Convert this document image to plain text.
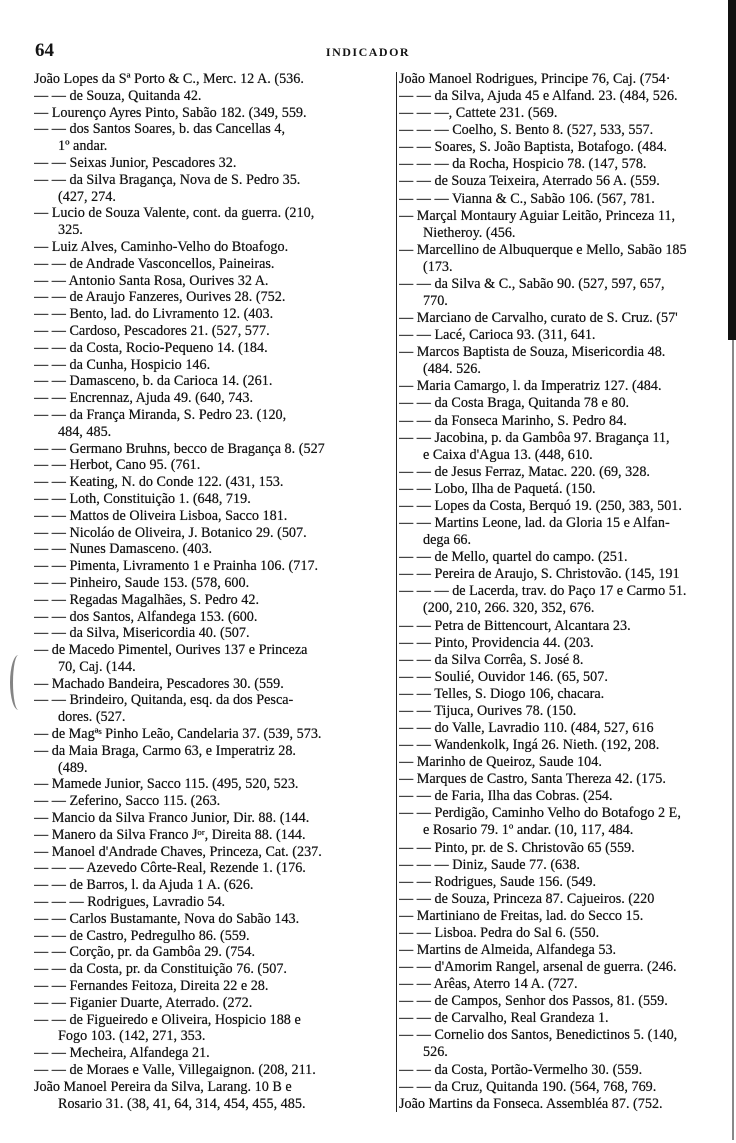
64	INDICADOR
João Lopes da Sª Porto & C., Merc. 12 A. (536.
— — de Souza, Quitanda 42.
— Lourenço Ayres Pinto, Sabão 182. (349, 559.
— — dos Santos Soares, b. das Cancellas 4,
1º andar.
— — Seixas Junior, Pescadores 32.
— — da Silva Bragança, Nova de S. Pedro 35.
(427, 274.
— Lucio de Souza Valente, cont. da guerra. (210,
325.
— Luiz Alves, Caminho-Velho do Btoafogo.
— — de Andrade Vasconcellos, Paineiras.
— — Antonio Santa Rosa, Ourives 32 A.
— — de Araujo Fanzeres, Ourives 28. (752.
— — Bento, lad. do Livramento 12. (403.
— — Cardoso, Pescadores 21. (527, 577.
— — da Costa, Rocio-Pequeno 14. (184.
— — da Cunha, Hospicio 146.
— — Damasceno, b. da Carioca 14. (261.
— — Encrennaz, Ajuda 49. (640, 743.
— — da França Miranda, S. Pedro 23. (120,
484, 485.
— — Germano Bruhns, becco de Bragança 8. (527
— — Herbot, Cano 95. (761.
— — Keating, N. do Conde 122. (431, 153.
— — Loth, Constituição 1. (648, 719.
— — Mattos de Oliveira Lisboa, Sacco 181.
— — Nicoláo de Oliveira, J. Botanico 29. (507.
— — Nunes Damasceno. (403.
— — Pimenta, Livramento 1 e Prainha 106. (717.
— — Pinheiro, Saude 153. (578, 600.
— — Regadas Magalhães, S. Pedro 42.
— — dos Santos, Alfandega 153. (600.
— — da Silva, Misericordia 40. (507.
— de Macedo Pimentel, Ourives 137 e Princeza
70, Caj. (144.
— Machado Bandeira, Pescadores 30. (559.
— — Brindeiro, Quitanda, esq. da dos Pesca-
dores. (527.
— de Magªˢ Pinho Leão, Candelaria 37. (539, 573.
— da Maia Braga, Carmo 63, e Imperatriz 28.
(489.
— Mamede Junior, Sacco 115. (495, 520, 523.
— — Zeferino, Sacco 115. (263.
— Mancio da Silva Franco Junior, Dir. 88. (144.
— Manero da Silva Franco Jᵒʳ, Direita 88. (144.
— Manoel d'Andrade Chaves, Princeza, Cat. (237.
— — — Azevedo Côrte-Real, Rezende 1. (176.
— — de Barros, l. da Ajuda 1 A. (626.
— — — Rodrigues, Lavradio 54.
— — Carlos Bustamante, Nova do Sabão 143.
— — de Castro, Pedregulho 86. (559.
— — Corção, pr. da Gambôa 29. (754.
— — da Costa, pr. da Constituição 76. (507.
— — Fernandes Feitoza, Direita 22 e 28.
— — Figanier Duarte, Aterrado. (272.
— — de Figueiredo e Oliveira, Hospicio 188 e
Fogo 103. (142, 271, 353.
— — Mecheira, Alfandega 21.
— — de Moraes e Valle, Villegaignon. (208, 211.
João Manoel Pereira da Silva, Larang. 10 B e
Rosario 31. (38, 41, 64, 314, 454, 455, 485.
João Manoel Rodrigues, Principe 76, Caj. (754·
— — da Silva, Ajuda 45 e Alfand. 23. (484, 526.
— — —, Cattete 231. (569.
— — — Coelho, S. Bento 8. (527, 533, 557.
— — Soares, S. João Baptista, Botafogo. (484.
— — — da Rocha, Hospicio 78. (147, 578.
— — de Souza Teixeira, Aterrado 56 A. (559.
— — — Vianna & C., Sabão 106. (567, 781.
— Marçal Montaury Aguiar Leitão, Princeza 11,
Nietheroy. (456.
— Marcellino de Albuquerque e Mello, Sabão 185
(173.
— — da Silva & C., Sabão 90. (527, 597, 657,
770.
— Marciano de Carvalho, curato de S. Cruz. (57'
— — Lacé, Carioca 93. (311, 641.
— Marcos Baptista de Souza, Misericordia 48.
(484. 526.
— Maria Camargo, l. da Imperatriz 127. (484.
— — da Costa Braga, Quitanda 78 e 80.
— — da Fonseca Marinho, S. Pedro 84.
— — Jacobina, p. da Gambôa 97. Bragança 11,
e Caixa d'Agua 13. (448, 610.
— — de Jesus Ferraz, Matac. 220. (69, 328.
— — Lobo, Ilha de Paquetá. (150.
— — Lopes da Costa, Berquó 19. (250, 383, 501.
— — Martins Leone, lad. da Gloria 15 e Alfan-
dega 66.
— — de Mello, quartel do campo. (251.
— — Pereira de Araujo, S. Christovão. (145, 191
— — — de Lacerda, trav. do Paço 17 e Carmo 51.
(200, 210, 266. 320, 352, 676.
— — Petra de Bittencourt, Alcantara 23.
— — Pinto, Providencia 44. (203.
— — da Silva Corrêa, S. José 8.
— — Soulié, Ouvidor 146. (65, 507.
— — Telles, S. Diogo 106, chacara.
— — Tijuca, Ourives 78. (150.
— — do Valle, Lavradio 110. (484, 527, 616
— — Wandenkolk, Ingá 26. Nieth. (192, 208.
— Marinho de Queiroz, Saude 104.
— Marques de Castro, Santa Thereza 42. (175.
— — de Faria, Ilha das Cobras. (254.
— — Perdigão, Caminho Velho do Botafogo 2 E,
e Rosario 79. 1º andar. (10, 117, 484.
— — Pinto, pr. de S. Christovão 65 (559.
— — — Diniz, Saude 77. (638.
— — Rodrigues, Saude 156. (549.
— — de Souza, Princeza 87. Cajueiros. (220
— Martiniano de Freitas, lad. do Secco 15.
— — Lisboa. Pedra do Sal 6. (550.
— Martins de Almeida, Alfandega 53.
— — d'Amorim Rangel, arsenal de guerra. (246.
— — Arêas, Aterro 14 A. (727.
— — de Campos, Senhor dos Passos, 81. (559.
— — de Carvalho, Real Grandeza 1.
— — Cornelio dos Santos, Benedictinos 5. (140,
526.
— — da Costa, Portão-Vermelho 30. (559.
— — da Cruz, Quitanda 190. (564, 768, 769.
João Martins da Fonseca. Assembléa 87. (752.
